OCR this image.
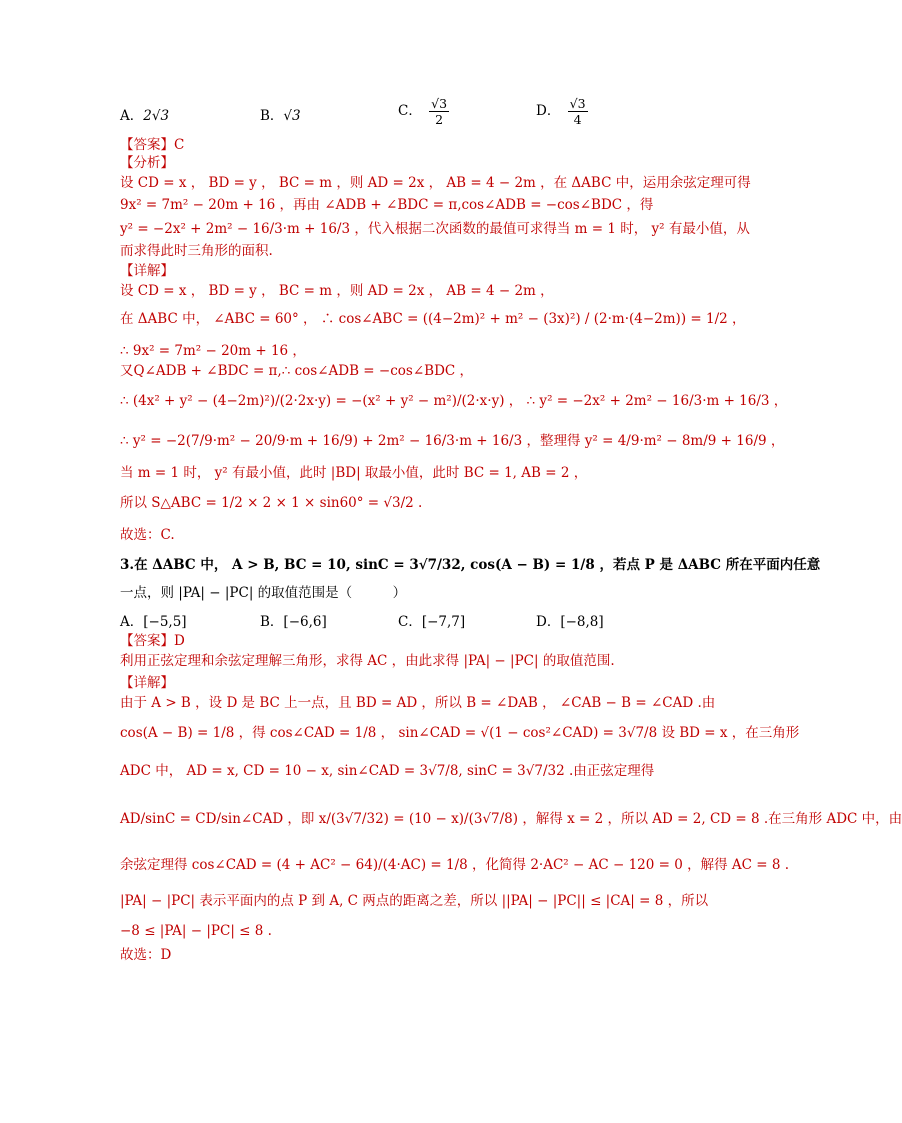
A．2√3	B．√3	C． $\frac{√3}{2}$	D． $\frac{√3}{4}$
【答案】C
【分析】
设 CD = x ， BD = y ， BC = m ，则 AD = 2x ， AB = 4 − 2m ，在 ΔABC 中，运用余弦定理可得
9x² = 7m² − 20m + 16 ，再由 ∠ADB + ∠BDC = π,cos∠ADB = −cos∠BDC ，得
y² = −2x² + 2m² − 16/3·m + 16/3 ，代入根据二次函数的最值可求得当 m = 1 时， y² 有最小值，从
而求得此时三角形的面积.
【详解】
设 CD = x ， BD = y ， BC = m ，则 AD = 2x ， AB = 4 − 2m ，
在 ΔABC 中， ∠ABC = 60° ， ∴ cos∠ABC = ((4−2m)² + m² − (3x)²) / (2·m·(4−2m)) = 1/2 ，
∴ 9x² = 7m² − 20m + 16 ，
又Q∠ADB + ∠BDC = π,∴ cos∠ADB = −cos∠BDC ，
∴ (4x² + y² − (4−2m)²)/(2·2x·y) = −(x² + y² − m²)/(2·x·y) ， ∴ y² = −2x² + 2m² − 16/3·m + 16/3 ，
∴ y² = −2(7/9·m² − 20/9·m + 16/9) + 2m² − 16/3·m + 16/3 ，整理得 y² = 4/9·m² − 8m/9 + 16/9 ，
当 m = 1 时， y² 有最小值，此时 |BD| 取最小值，此时 BC = 1, AB = 2 ，
所以 S△ABC = 1/2 × 2 × 1 × sin60° = √3/2 .
故选：C.
3.在 ΔABC 中， A > B, BC = 10, sinC = 3√7/32, cos(A − B) = 1/8 ，若点 P 是 ΔABC 所在平面内任意
一点，则 |PA| − |PC| 的取值范围是（　　　）
A．[−5,5]	B．[−6,6]	C．[−7,7]	D．[−8,8]
【答案】D
利用正弦定理和余弦定理解三角形，求得 AC ，由此求得 |PA| − |PC| 的取值范围.
【详解】
由于 A > B ，设 D 是 BC 上一点，且 BD = AD ，所以 B = ∠DAB ， ∠CAB − B = ∠CAD .由
cos(A − B) = 1/8 ，得 cos∠CAD = 1/8 ， sin∠CAD = √(1 − cos²∠CAD) = 3√7/8 设 BD = x ，在三角形
ADC 中， AD = x, CD = 10 − x, sin∠CAD = 3√7/8, sinC = 3√7/32 .由正弦定理得
AD/sinC = CD/sin∠CAD ，即 x/(3√7/32) = (10 − x)/(3√7/8) ，解得 x = 2 ，所以 AD = 2, CD = 8 .在三角形 ADC 中，由
余弦定理得 cos∠CAD = (4 + AC² − 64)/(4·AC) = 1/8 ，化简得 2·AC² − AC − 120 = 0 ，解得 AC = 8 .
|PA| − |PC| 表示平面内的点 P 到 A, C 两点的距离之差，所以 ||PA| − |PC|| ≤ |CA| = 8 ，所以
−8 ≤ |PA| − |PC| ≤ 8 .
故选：D
